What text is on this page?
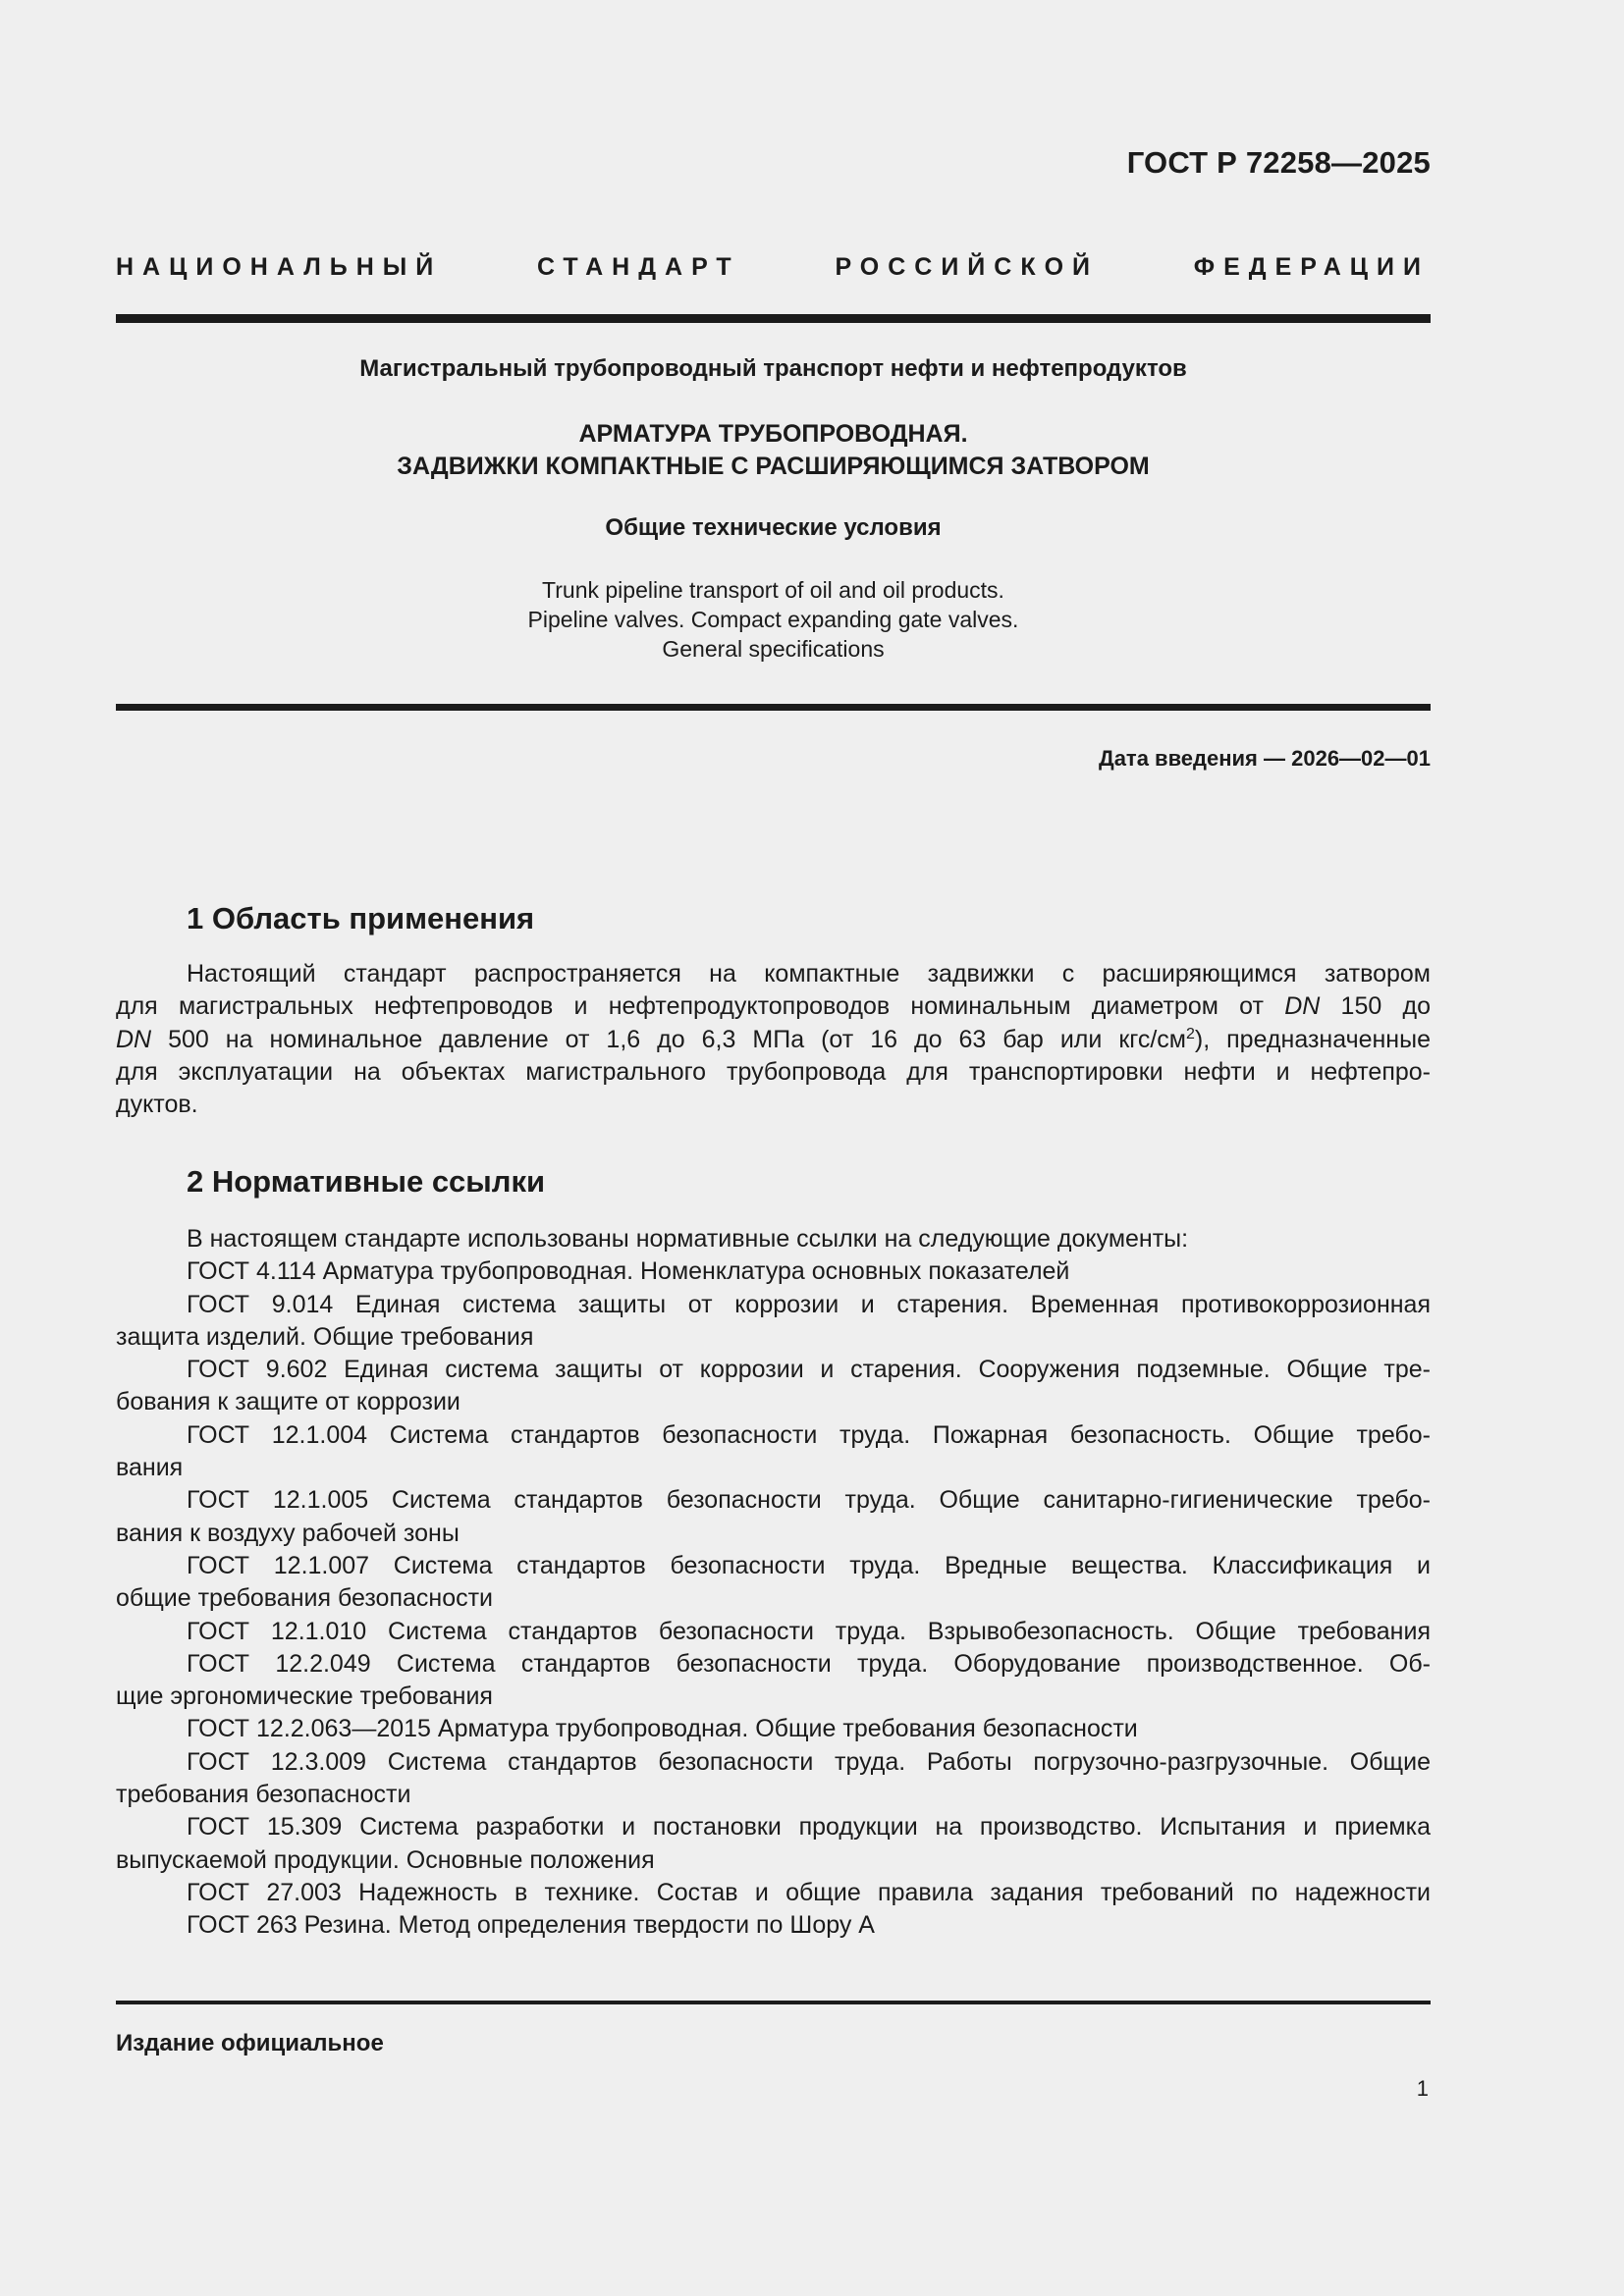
ГОСТ Р 72258—2025
НАЦИОНАЛЬНЫЙ СТАНДАРТ РОССИЙСКОЙ ФЕДЕРАЦИИ
Магистральный трубопроводный транспорт нефти и нефтепродуктов
АРМАТУРА ТРУБОПРОВОДНАЯ.
ЗАДВИЖКИ КОМПАКТНЫЕ С РАСШИРЯЮЩИМСЯ ЗАТВОРОМ
Общие технические условия
Trunk pipeline transport of oil and oil products.
Pipeline valves. Compact expanding gate valves.
General specifications
Дата введения — 2026—02—01
1 Область применения
Настоящий стандарт распространяется на компактные задвижки с расширяющимся затвором
для магистральных нефтепроводов и нефтепродуктопроводов номинальным диаметром от DN 150 до
DN 500 на номинальное давление от 1,6 до 6,3 МПа (от 16 до 63 бар или кгс/$см^2$), предназначенные
для эксплуатации на объектах магистрального трубопровода для транспортировки нефти и нефтепро-
дуктов.
2 Нормативные ссылки
В настоящем стандарте использованы нормативные ссылки на следующие документы:
ГОСТ 4.114 Арматура трубопроводная. Номенклатура основных показателей
ГОСТ 9.014 Единая система защиты от коррозии и старения. Временная противокоррозионная
защита изделий. Общие требования
ГОСТ 9.602 Единая система защиты от коррозии и старения. Сооружения подземные. Общие тре-
бования к защите от коррозии
ГОСТ 12.1.004 Система стандартов безопасности труда. Пожарная безопасность. Общие требо-
вания
ГОСТ 12.1.005 Система стандартов безопасности труда. Общие санитарно-гигиенические требо-
вания к воздуху рабочей зоны
ГОСТ 12.1.007 Система стандартов безопасности труда. Вредные вещества. Классификация и
общие требования безопасности
ГОСТ 12.1.010 Система стандартов безопасности труда. Взрывобезопасность. Общие требования
ГОСТ 12.2.049 Система стандартов безопасности труда. Оборудование производственное. Об-
щие эргономические требования
ГОСТ 12.2.063—2015 Арматура трубопроводная. Общие требования безопасности
ГОСТ 12.3.009 Система стандартов безопасности труда. Работы погрузочно-разгрузочные. Общие
требования безопасности
ГОСТ 15.309 Система разработки и постановки продукции на производство. Испытания и приемка
выпускаемой продукции. Основные положения
ГОСТ 27.003 Надежность в технике. Состав и общие правила задания требований по надежности
ГОСТ 263 Резина. Метод определения твердости по Шору А
Издание официальное
1
